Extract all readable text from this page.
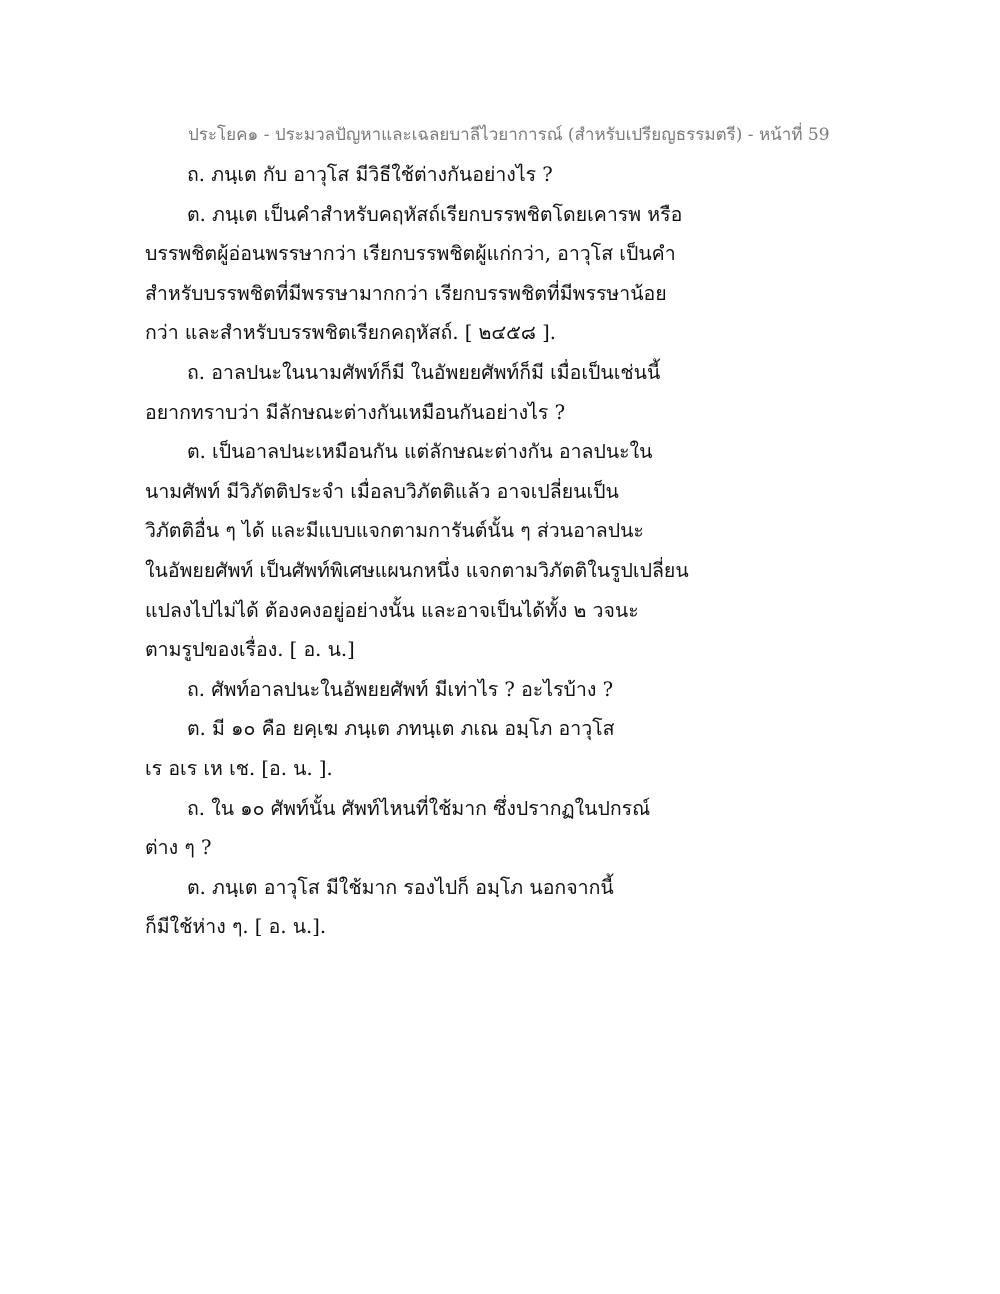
ประโยค๑ - ประมวลปัญหาและเฉลยบาลีไวยาการณ์ (สำหรับเปรียญธรรมตรี) - หน้าที่ 59
ถ. ภนฺเต กับ อาวุโส มีวิธีใช้ต่างกันอย่างไร ?
ต. ภนฺเต เป็นคำสำหรับคฤหัสถ์เรียกบรรพชิตโดยเคารพ หรือ
บรรพชิตผู้อ่อนพรรษากว่า เรียกบรรพชิตผู้แก่กว่า, อาวุโส เป็นคำ
สำหรับบรรพชิตที่มีพรรษามากกว่า เรียกบรรพชิตที่มีพรรษาน้อย
กว่า และสำหรับบรรพชิตเรียกคฤหัสถ์. [ ๒๔๕๘ ].
ถ. อาลปนะในนามศัพท์ก็มี ในอัพยยศัพท์ก็มี เมื่อเป็นเช่นนี้
อยากทราบว่า มีลักษณะต่างกันเหมือนกันอย่างไร ?
ต. เป็นอาลปนะเหมือนกัน แต่ลักษณะต่างกัน อาลปนะใน
นามศัพท์ มีวิภัตติประจำ เมื่อลบวิภัตติแล้ว อาจเปลี่ยนเป็น
วิภัตติอื่น ๆ ได้ และมีแบบแจกตามการันต์นั้น ๆ ส่วนอาลปนะ
ในอัพยยศัพท์ เป็นศัพท์พิเศษแผนกหนึ่ง แจกตามวิภัตติในรูปเปลี่ยน
แปลงไปไม่ได้ ต้องคงอยู่อย่างนั้น และอาจเป็นได้ทั้ง ๒ วจนะ
ตามรูปของเรื่อง. [ อ. น.]
ถ. ศัพท์อาลปนะในอัพยยศัพท์ มีเท่าไร ? อะไรบ้าง ?
ต. มี ๑๐ คือ ยคฺเฆ ภนฺเต ภทนฺเต ภเณ อมฺโภ อาวุโส
เร อเร เห เช. [อ. น. ].
ถ. ใน ๑๐ ศัพท์นั้น ศัพท์ไหนที่ใช้มาก ซึ่งปรากฏในปกรณ์
ต่าง ๆ ?
ต. ภนฺเต อาวุโส มีใช้มาก รองไปก็ อมฺโภ นอกจากนี้
ก็มีใช้ห่าง ๆ. [ อ. น.].
